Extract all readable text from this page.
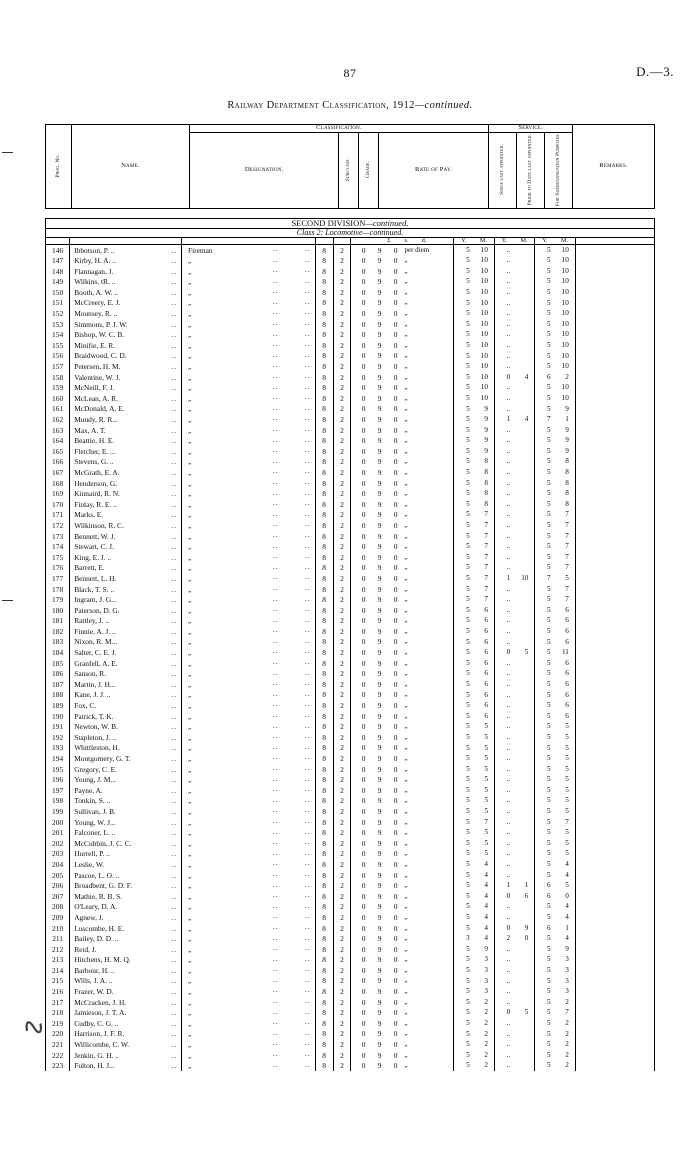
87	D.—3.
Railway Department Classification, 1912—continued.
∿
Prog. No.	Name.	Classification.				Service.			Remarks.
		Designation.	Subclass.	Grade.	Rate of Pay.	Since last appointed.	Prior to Date last appointed.	For Superannuation Purposes.	
SECOND DIVISION—continued.									
Class 2: Locomotive—continued.									
					£ s. d.	Y. M.	Y. M.	Y. M.	

146	Ibbotson, P. .. ..	Fireman .. ..	8	2	0 9 0 per diem	5 10	..	5 10	

147	Kirby, H. A. .. ..	„ .. ..	8	2	0 9 0 „	5 10	..	5 10	

148	Flannagan, J. ..	„ .. ..	8	2	0 9 0 „	5 10	..	5 10	

149	Wilkins, tR. .. ..	„ .. ..	8	2	0 9 0 „	5 10	..	5 10	

150	Booth, A. W. .. ..	„ .. ..	8	2	0 9 0 „	5 10	..	5 10	

151	McCreery, E. J. ..	„ .. ..	8	2	0 9 0 „	5 10	..	5 10	

152	Mounsey, R. .. ..	„ .. ..	8	2	0 9 0 „	5 10	..	5 10	

153	Simmons, P. J. W. ..	„ .. ..	8	2	0 9 0 „	5 10	..	5 10	

154	Bishop, W. C. B. ..	„ .. ..	8	2	0 9 0 „	5 10	..	5 10	

155	Minifie, E. R. ..	„ .. ..	8	2	0 9 0 „	5 10	..	5 10	

156	Braidwood, C. D. ..	„ .. ..	8	2	0 9 0 „	5 10	..	5 10	

157	Petersen, H. M. ..	„ .. ..	8	2	0 9 0 „	5 10	..	5 10	

158	Valentine, W. J. ..	„ .. ..	8	2	0 9 0 „	5 10	0 4	6 2	

159	McNeill, F. J. ..	„ .. ..	8	2	0 9 0 „	5 10	..	5 10	

160	McLean, A. R. ..	„ .. ..	8	2	0 9 0 „	5 10	..	5 10	

161	McDonald, A. E. ..	„ .. ..	8	2	0 9 0 „	5 9	..	5 9	

162	Mundy, R. R... ..	„ .. ..	8	2	0 9 0 „	5 9	1 4	7 1	

163	Max, A. T. ..	„ .. ..	8	2	0 9 0 „	5 9	..	5 9	

164	Beattie, H. E. ..	„ .. ..	8	2	0 9 0 „	5 9	..	5 9	

165	Fletcher, E. ... ..	„ .. ..	8	2	0 9 0 „	5 9	..	5 9	

166	Stevens, G. .. ..	„ .. ..	8	2	0 9 0 „	5 8	..	5 8	

167	McGrath, E. A. ..	„ .. ..	8	2	0 9 0 „	5 8	..	5 8	

168	Henderson, G. ..	„ .. ..	8	2	0 9 0 „	5 8	..	5 8	

169	Kinnaird, R. N. ..	„ .. ..	8	2	0 9 0 „	5 8	..	5 8	

170	Finlay, R. E. .. ..	„ .. ..	8	2	0 9 0 „	5 8	..	5 8	

171	Marks, E. ..	„ .. ..	8	2	0 9 0 „	5 7	..	5 7	

172	Wilkinson, R. C. ..	„ .. ..	8	2	0 9 0 „	5 7	..	5 7	

173	Bennett, W. J. ..	„ .. ..	8	2	0 9 0 „	5 7	..	5 7	

174	Stewart, C. J. ..	„ .. ..	8	2	0 9 0 „	5 7	..	5 7	

175	King, E. J. .. ..	„ .. ..	8	2	0 9 0 „	5 7	..	5 7	

176	Barrett, E. ..	„ .. ..	8	2	0 9 0 „	5 7	..	5 7	

177	Bennett, L. H. ..	„ .. ..	8	2	0 9 0 „	5 7	1 10	7 5	

178	Black, T. S. .. ..	„ .. ..	8	2	0 9 0 „	5 7	..	5 7	

179	Ingram, J. G... ..	„ .. ..	8	2	0 9 0 „	5 7	..	5 7	

180	Paterson, D. G. ..	„ .. ..	8	2	0 9 0 „	5 6	..	5 6	

181	Rattley, J. .. ..	„ .. ..	8	2	0 9 0 „	5 6	..	5 6	

182	Finnie, A. J. .. ..	„ .. ..	8	2	0 9 0 „	5 6	..	5 6	

183	Nixon, R. M... ..	„ .. ..	8	2	0 9 0 „	5 6	..	5 6	

184	Salter, C. E. J. ..	„ .. ..	8	2	0 9 0 „	5 6	0 5	5 11	

185	Granfell, A. E. ..	„ .. ..	8	2	0 9 0 „	5 6	..	5 6	

186	Sanson, R. ..	„ .. ..	8	2	0 9 0 „	5 6	..	5 6	

187	Martin, J. H... ..	„ .. ..	8	2	0 9 0 „	5 6	..	5 6	

188	Kane, J. J. .. ..	„ .. ..	8	2	0 9 0 „	5 6	..	5 6	

189	Fox, C. ..	„ .. ..	8	2	0 9 0 „	5 6	..	5 6	

190	Patrick, T. K. ..	„ .. ..	8	2	0 9 0 „	5 6	..	5 6	

191	Newton, W. B. ..	„ .. ..	8	2	0 9 0 „	5 5	..	5 5	

192	Stapleton, J. .. ..	„ .. ..	8	2	0 9 0 „	5 5	..	5 5	

193	Whittleston, H. ..	„ .. ..	8	2	0 9 0 „	5 5	..	5 5	

194	Montgomery, G. T. ..	„ .. ..	8	2	0 9 0 „	5 5	..	5 5	

195	Gregory, C. E. ..	„ .. ..	8	2	0 9 0 „	5 5	..	5 5	

196	Young, J. M... ..	„ .. ..	8	2	0 9 0 „	5 5	..	5 5	

197	Payne, A. ..	„ .. ..	8	2	0 9 0 „	5 5	..	5 5	

198	Tonkin, S. .. ..	„ .. ..	8	2	0 9 0 „	5 5	..	5 5	

199	Sullivan, J. B. ..	„ .. ..	8	2	0 9 0 „	5 5	..	5 5	

200	Young, W. J... ..	„ .. ..	8	2	0 9 0 „	5 7	..	5 7	

201	Falconer, L. .. ..	„ .. ..	8	2	0 9 0 „	5 5	..	5 5	

202	McCubbin, J. C. C. ..	„ .. ..	8	2	0 9 0 „	5 5	..	5 5	

203	Hurrell, P. .. ..	„ .. ..	8	2	0 9 0 „	5 5	..	5 5	

204	Leslie, W. ..	„ .. ..	8	2	0 9 0 „	5 4	..	5 4	

205	Pascoe, L. O. .. ..	„ .. ..	8	2	0 9 0 „	5 4	..	5 4	

206	Broadbent, G. D. F. ..	„ .. ..	8	2	0 9 0 „	5 4	1 1	6 5	

207	Mathie, R. B. S. ..	„ .. ..	8	2	0 9 0 „	5 4	0 6	6 0	

208	O'Leary, D. A. ..	„ .. ..	8	2	0 9 0 „	5 4	..	5 4	

209	Agnew, J. ..	„ .. ..	8	2	0 9 0 „	5 4	..	5 4	

210	Luscombe, H. E. ..	„ .. ..	8	2	0 9 0 „	5 4	0 9	6 1	

211	Bailey, D. D. .. ..	„ .. ..	8	2	0 9 0 „	3 4	2 0	5 4	

212	Reid, J. ..	„ .. ..	8	2	0 9 0 „	5 9	..	5 9	

213	Hitchens, H. M. Q. ..	„ .. ..	8	2	0 9 0 „	5 3	..	5 3	

214	Barbour, H. .. ..	„ .. ..	8	2	0 9 0 „	5 3	..	5 3	

215	Wills, J. A. .. ..	„ .. ..	8	2	0 9 0 „	5 3	..	5 3	

216	Frazer, W. D. ..	„ .. ..	8	2	0 9 0 „	5 3	..	5 3	

217	McCracken, J. H. ..	„ .. ..	8	2	0 9 0 „	5 2	..	5 2	

218	Jamieson, J. T. A. ..	„ .. ..	8	2	0 9 0 „	5 2	0 5	5 7	

219	Cudby, C. G. .. ..	„ .. ..	8	2	0 9 0 „	5 2	..	5 2	

220	Harrison, J. F. R. ..	„ .. ..	8	2	0 9 0 „	5 2	..	5 2	

221	Willicombe, C. W. ..	„ .. ..	8	2	0 9 0 „	5 2	..	5 2	

222	Jenkin, G. H. .. ..	„ .. ..	8	2	0 9 0 „	5 2	..	5 2	

223	Fulton, H. J... ..	„ .. ..	8	2	0 9 0 „	5 2	..	5 2	
